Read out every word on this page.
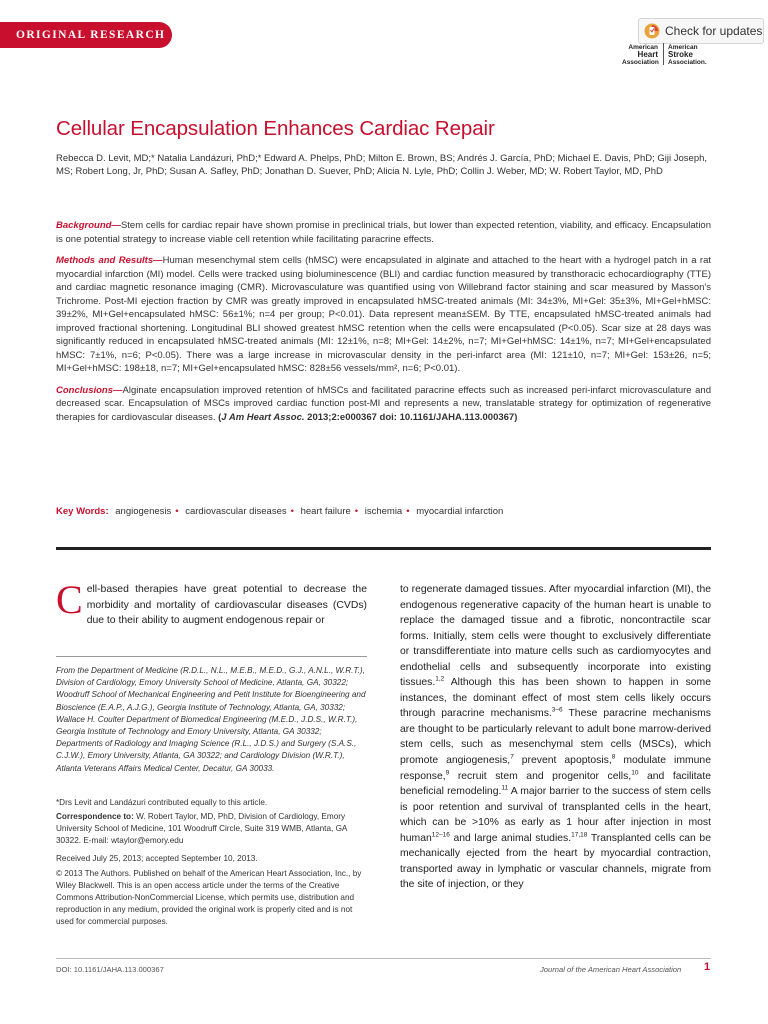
ORIGINAL RESEARCH	Check for updates
American
Heart
Association
American
Stroke
Association.
Cellular Encapsulation Enhances Cardiac Repair
Rebecca D. Levit, MD;* Natalia Landázuri, PhD;* Edward A. Phelps, PhD; Milton E. Brown, BS; Andrés J. García, PhD; Michael E. Davis, PhD; Giji Joseph, MS; Robert Long, Jr, PhD; Susan A. Safley, PhD; Jonathan D. Suever, PhD; Alicia N. Lyle, PhD; Collin J. Weber, MD; W. Robert Taylor, MD, PhD

Background—Stem cells for cardiac repair have shown promise in preclinical trials, but lower than expected retention, viability, and efficacy. Encapsulation is one potential strategy to increase viable cell retention while facilitating paracrine effects.

Methods and Results—Human mesenchymal stem cells (hMSC) were encapsulated in alginate and attached to the heart with a hydrogel patch in a rat myocardial infarction (MI) model. Cells were tracked using bioluminescence (BLI) and cardiac function measured by transthoracic echocardiography (TTE) and cardiac magnetic resonance imaging (CMR). Microvasculature was quantified using von Willebrand factor staining and scar measured by Masson's Trichrome. Post-MI ejection fraction by CMR was greatly improved in encapsulated hMSC-treated animals (MI: 34±3%, MI+Gel: 35±3%, MI+Gel+hMSC: 39±2%, MI+Gel+encapsulated hMSC: 56±1%; n=4 per group; P<0.01). Data represent mean±SEM. By TTE, encapsulated hMSC-treated animals had improved fractional shortening. Longitudinal BLI showed greatest hMSC retention when the cells were encapsulated (P<0.05). Scar size at 28 days was significantly reduced in encapsulated hMSC-treated animals (MI: 12±1%, n=8; MI+Gel: 14±2%, n=7; MI+Gel+hMSC: 14±1%, n=7; MI+Gel+encapsulated hMSC: 7±1%, n=6; P<0.05). There was a large increase in microvascular density in the peri-infarct area (MI: 121±10, n=7; MI+Gel: 153±26, n=5; MI+Gel+hMSC: 198±18, n=7; MI+Gel+encapsulated hMSC: 828±56 vessels/mm², n=6; P<0.01).

Conclusions—Alginate encapsulation improved retention of hMSCs and facilitated paracrine effects such as increased peri-infarct microvasculature and decreased scar. Encapsulation of MSCs improved cardiac function post-MI and represents a new, translatable strategy for optimization of regenerative therapies for cardiovascular diseases. (J Am Heart Assoc. 2013;2:e000367 doi: 10.1161/JAHA.113.000367)

Key Words: angiogenesis • cardiovascular diseases • heart failure • ischemia • myocardial infarction

Cell-based therapies have great potential to decrease the morbidity and mortality of cardiovascular diseases (CVDs) due to their ability to augment endogenous repair or

From the Department of Medicine (R.D.L., N.L., M.E.B., M.E.D., G.J., A.N.L., W.R.T.), Division of Cardiology, Emory University School of Medicine, Atlanta, GA, 30322; Woodruff School of Mechanical Engineering and Petit Institute for Bioengineering and Bioscience (E.A.P., A.J.G.), Georgia Institute of Technology, Atlanta, GA, 30332; Wallace H. Coulter Department of Biomedical Engineering (M.E.D., J.D.S., W.R.T.), Georgia Institute of Technology and Emory University, Atlanta, GA 30332; Departments of Radiology and Imaging Science (R.L., J.D.S.) and Surgery (S.A.S., C.J.W.), Emory University, Atlanta, GA 30322; and Cardiology Division (W.R.T.), Atlanta Veterans Affairs Medical Center, Decatur, GA 30033.
*Drs Levit and Landázuri contributed equally to this article.
Correspondence to: W. Robert Taylor, MD, PhD, Division of Cardiology, Emory University School of Medicine, 101 Woodruff Circle, Suite 319 WMB, Atlanta, GA 30322. E-mail: wtaylor@emory.edu
Received July 25, 2013; accepted September 10, 2013.
© 2013 The Authors. Published on behalf of the American Heart Association, Inc., by Wiley Blackwell. This is an open access article under the terms of the Creative Commons Attribution-NonCommercial License, which permits use, distribution and reproduction in any medium, provided the original work is properly cited and is not used for commercial purposes.

to regenerate damaged tissues. After myocardial infarction (MI), the endogenous regenerative capacity of the human heart is unable to replace the damaged tissue and a fibrotic, noncontractile scar forms. Initially, stem cells were thought to exclusively differentiate or transdifferentiate into mature cells such as cardiomyocytes and endothelial cells and subsequently incorporate into existing tissues.$^{1,2}$ Although this has been shown to happen in some instances, the dominant effect of most stem cells likely occurs through paracrine mechanisms.$^{3-6}$ These paracrine mechanisms are thought to be particularly relevant to adult bone marrow-derived stem cells, such as mesenchymal stem cells (MSCs), which promote angiogenesis,$^7$ prevent apoptosis,$^8$ modulate immune response,$^9$ recruit stem and progenitor cells,$^{10}$ and facilitate beneficial remodeling.$^{11}$ A major barrier to the success of stem cells is poor retention and survival of transplanted cells in the heart, which can be >10% as early as 1 hour after injection in most human$^{12-16}$ and large animal studies.$^{17,18}$ Transplanted cells can be mechanically ejected from the heart by myocardial contraction, transported away in lymphatic or vascular channels, migrate from the site of injection, or they

DOI: 10.1161/JAHA.113.000367	Journal of the American Heart Association 1
